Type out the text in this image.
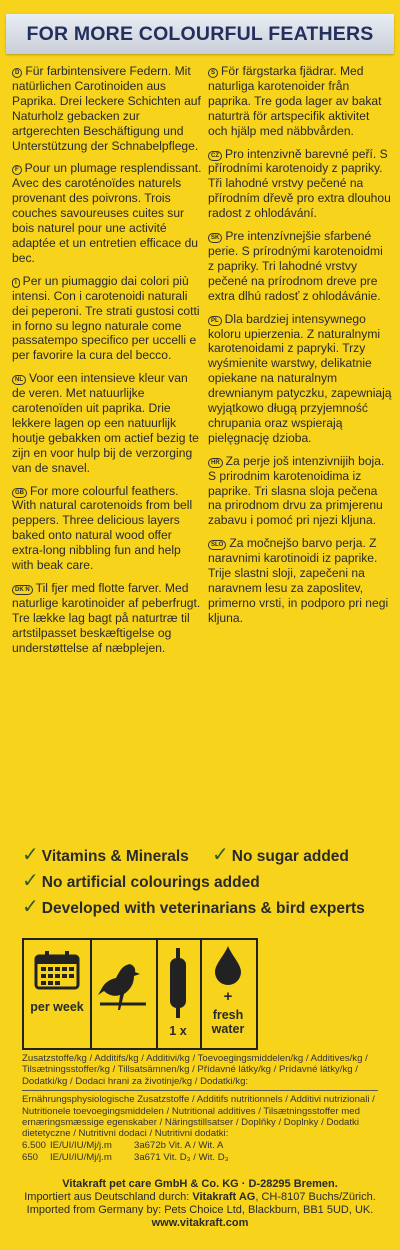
FOR MORE COLOURFUL FEATHERS
D Für farbintensivere Federn. Mit natürlichen Carotinoiden aus Paprika. Drei leckere Schichten auf Naturholz gebacken zur artgerechten Beschäftigung und Unterstützung der Schnabelpflege.
F Pour un plumage resplendissant. Avec des caroténoïdes naturels provenant des poivrons. Trois couches savoureuses cuites sur bois naturel pour une activité adaptée et un entretien efficace du bec.
I Per un piumaggio dai colori più intensi. Con i carotenoidi naturali dei peperoni. Tre strati gustosi cotti in forno su legno naturale come passatempo specifico per uccelli e per favorire la cura del becco.
NL Voor een intensieve kleur van de veren. Met natuurlijke carotenoïden uit paprika. Drie lekkere lagen op een natuurlijk houtje gebakken om actief bezig te zijn en voor hulp bij de verzorging van de snavel.
GB For more colourful feathers. With natural carotenoids from bell peppers. Three delicious layers baked onto natural wood offer extra-long nibbling fun and help with beak care.
DK N Til fjer med flotte farver. Med naturlige karotinoider af peberfrugt. Tre lække lag bagt på naturtræ til artstilpasset beskæftigelse og understøttelse af næbplejen.
S För färgstarka fjädrar. Med naturliga karotenoider från paprika. Tre goda lager av bakat naturträ för artspecifik aktivitet och hjälp med näbbvården.
CZ Pro intenzivně barevné peří. S přírodními karotenoidy z papriky. Tři lahodné vrstvy pečené na přírodním dřevě pro extra dlouhou radost z ohlodávání.
SK Pre intenzívnejšie sfarbené perie. S prírodnými karotenoidmi z papriky. Tri lahodné vrstvy pečené na prírodnom dreve pre extra dlhú radosť z ohlodávánie.
PL Dla bardziej intensywnego koloru upierzenia. Z naturalnymi karotenoidami z papryki. Trzy wyśmienite warstwy, delikatnie opiekane na naturalnym drewnianym patyczku, zapewniają wyjątkowo długą przyjemność chrupania oraz wspierają pielęgnację dzioba.
HR Za perje još intenzivnijih boja. S prirodnim karotenoidima iz paprike. Tri slasna sloja pečena na prirodnom drvu za primjerenu zabavu i pomoć pri njezi kljuna.
SLO Za močnejšo barvo perja. Z naravnimi karotinoidi iz paprike. Trije slastni sloji, zapečeni na naravnem lesu za zaposlitev, primerno vrsti, in podporo pri negi kljuna.
✓ Vitamins & Minerals ✓ No sugar added
✓ No artificial colourings added
✓ Developed with veterinarians & bird experts
per week
1 x
+
fresh water
Zusatzstoffe/kg / Additifs/kg / Additivi/kg / Toevoegingsmiddelen/kg / Additives/kg / Tilsætningsstoffer/kg / Tillsatsämnen/kg / Přídavné látky/kg / Prídavné látky/kg / Dodatki/kg / Dodaci hrani za životinje/kg / Dodatki/kg:
Ernährungsphysiologische Zusatzstoffe / Additifs nutritionnels / Additivi nutrizionali / Nutritionele toevoegingsmiddelen / Nutritional additives / Tilsætningsstoffer med ernæringsmæssige egenskaber / Näringstillsatser / Doplňky / Doplnky / Dodatki dietetyczne / Nutritivni dodaci / Nutritivni dodatki:
6.500 IE/UI/IU/Mj/j.m	3a672b Vit. A / Wit. A
650	IE/UI/IU/Mj/j.m	3a671 Vit. D₃ / Wit. D₃
Vitakraft pet care GmbH & Co. KG · D-28295 Bremen.
Importiert aus Deutschland durch: Vitakraft AG, CH-8107 Buchs/Zürich.
Imported from Germany by: Pets Choice Ltd, Blackburn, BB1 5UD, UK.
www.vitakraft.com
